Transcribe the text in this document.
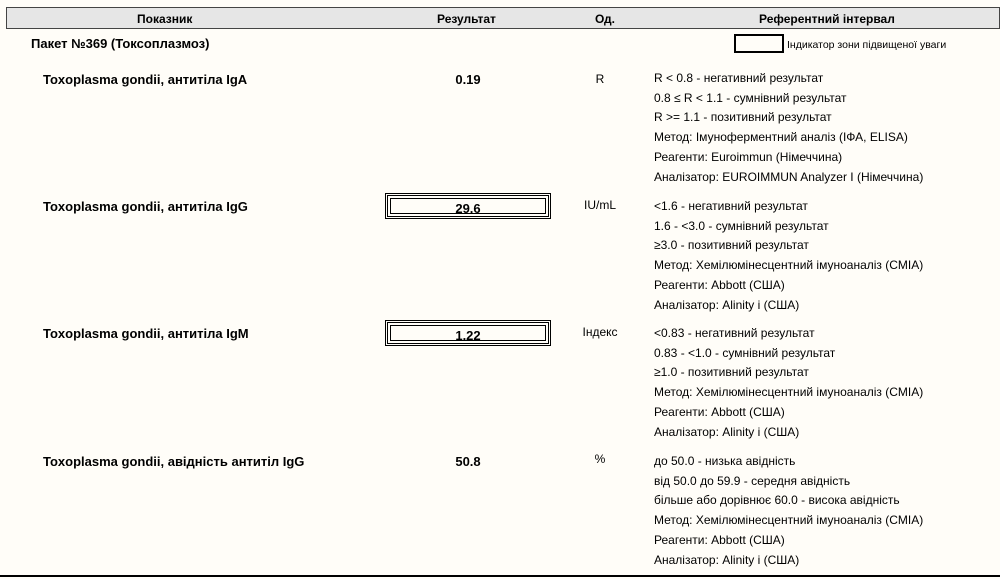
Показник	Результат	Од.	Референтний інтервал
Пакет №369 (Токсоплазмоз)	Індикатор зони підвищеної уваги
Toxoplasma gondii, антитіла IgA	0.19	R	R < 0.8 - негативний результат
0.8 ≤ R < 1.1 - сумнівний результат
R >= 1.1 - позитивний результат
Метод: Імуноферментний аналіз (ІФА, ELISA)
Реагенти: Euroimmun (Німеччина)
Аналізатор: EUROIMMUN Analyzer I (Німеччина)
Toxoplasma gondii, антитіла IgG	29.6	IU/mL	<1.6 - негативний результат
1.6 - <3.0 - сумнівний результат
≥3.0 - позитивний результат
Метод: Хемілюмінесцентний імуноаналіз (CMIA)
Реагенти: Abbott (США)
Аналізатор: Alinity i (США)
Toxoplasma gondii, антитіла IgM	1.22	Індекс	<0.83 - негативний результат
0.83 - <1.0 - сумнівний результат
≥1.0 - позитивний результат
Метод: Хемілюмінесцентний імуноаналіз (CMIA)
Реагенти: Abbott (США)
Аналізатор: Alinity i (США)
Toxoplasma gondii, авідність антитіл IgG	50.8	%	до 50.0 - низька авідність
від 50.0 до 59.9 - середня авідність
більше або дорівнює 60.0 - висока авідність
Метод: Хемілюмінесцентний імуноаналіз (CMIA)
Реагенти: Abbott (США)
Аналізатор: Alinity i (США)
